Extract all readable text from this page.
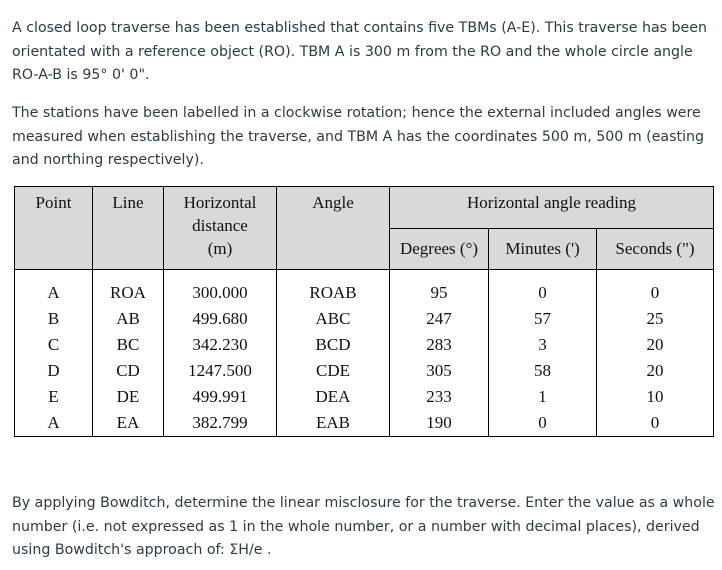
A closed loop traverse has been established that contains five TBMs (A-E). This traverse has been orientated with a reference object (RO). TBM A is 300 m from the RO and the whole circle angle RO-A-B is 95° 0' 0".

The stations have been labelled in a clockwise rotation; hence the external included angles were measured when establishing the traverse, and TBM A has the coordinates 500 m, 500 m (easting and northing respectively).

Point	Line	Horizontal
distance
(m)	Angle	Horizontal angle reading		
				Degrees (°)	Minutes (')	Seconds (")

A	ROA	300.000	ROAB	95	0	0
B	AB	499.680	ABC	247	57	25
C	BC	342.230	BCD	283	3	20
D	CD	1247.500	CDE	305	58	20
E	DE	499.991	DEA	233	1	10
A	EA	382.799	EAB	190	0	0

By applying Bowditch, determine the linear misclosure for the traverse. Enter the value as a whole number (i.e. not expressed as 1 in the whole number, or a number with decimal places), derived using Bowditch's approach of: ΣH/e .
